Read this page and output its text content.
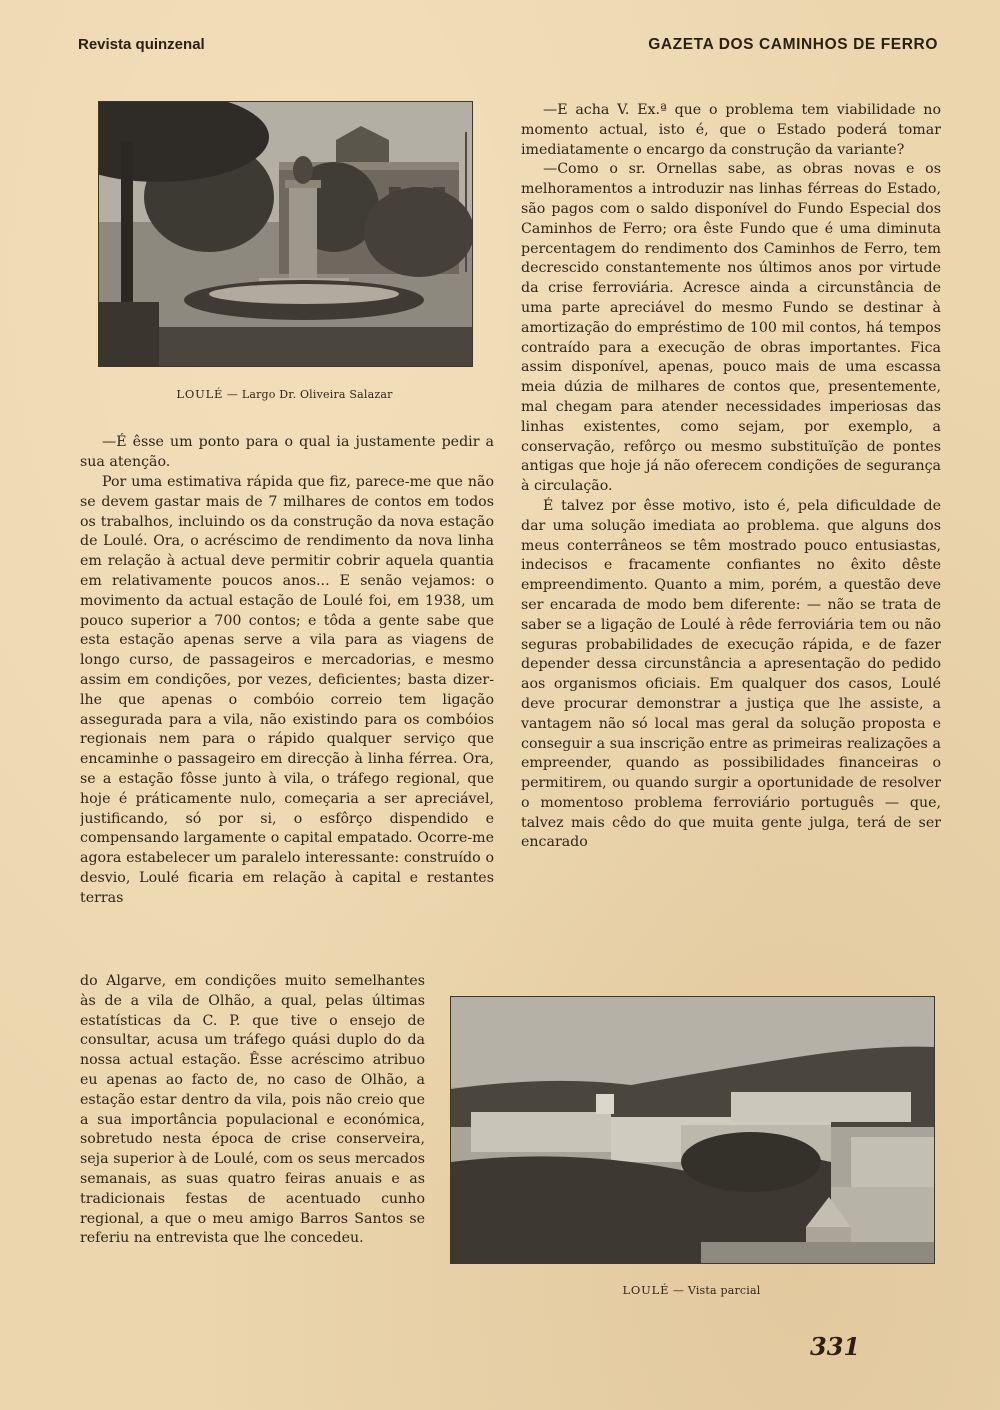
Revista quinzenal	GAZETA DOS CAMINHOS DE FERRO
LOULÉ — Largo Dr. Oliveira Salazar

—É êsse um ponto para o qual ia justamente pedir a sua atenção.

Por uma estimativa rápida que fiz, parece-me que não se devem gastar mais de 7 milhares de contos em todos os trabalhos, incluindo os da construção da nova estação de Loulé. Ora, o acréscimo de rendimento da nova linha em relação à actual deve permitir cobrir aquela quantia em relativamente poucos anos... E senão vejamos: o movimento da actual estação de Loulé foi, em 1938, um pouco superior a 700 contos; e tôda a gente sabe que esta estação apenas serve a vila para as viagens de longo curso, de passageiros e mercadorias, e mesmo assim em condições, por vezes, deficientes; basta dizer-lhe que apenas o combóio correio tem ligação assegurada para a vila, não existindo para os combóios regionais nem para o rápido qualquer serviço que encaminhe o passageiro em direcção à linha férrea. Ora, se a estação fôsse junto à vila, o tráfego regional, que hoje é práticamente nulo, começaria a ser apreciável, justificando, só por si, o esfôrço dispendido e compensando largamente o capital empatado. Ocorre-me agora estabelecer um paralelo interessante: construído o desvio, Loulé ficaria em relação à capital e restantes terras

—E acha V. Ex.ª que o problema tem viabilidade no momento actual, isto é, que o Estado poderá tomar imediatamente o encargo da construção da variante?

—Como o sr. Ornellas sabe, as obras novas e os melhoramentos a introduzir nas linhas férreas do Estado, são pagos com o saldo disponível do Fundo Especial dos Caminhos de Ferro; ora êste Fundo que é uma diminuta percentagem do rendimento dos Caminhos de Ferro, tem decrescido constantemente nos últimos anos por virtude da crise ferroviária. Acresce ainda a circunstância de uma parte apreciável do mesmo Fundo se destinar à amortização do empréstimo de 100 mil contos, há tempos contraído para a execução de obras importantes. Fica assim disponível, apenas, pouco mais de uma escassa meia dúzia de milhares de contos que, presentemente, mal chegam para atender necessidades imperiosas das linhas existentes, como sejam, por exemplo, a conservação, refôrço ou mesmo substituïção de pontes antigas que hoje já não oferecem condições de segurança à circulação.

É talvez por êsse motivo, isto é, pela dificuldade de dar uma solução imediata ao problema. que alguns dos meus conterrâneos se têm mostrado pouco entusiastas, indecisos e fracamente confiantes no êxito dêste empreendimento. Quanto a mim, porém, a questão deve ser encarada de modo bem diferente: — não se trata de saber se a ligação de Loulé à rêde ferroviária tem ou não seguras probabilidades de execução rápida, e de fazer depender dessa circunstância a apresentação do pedido aos organismos oficiais. Em qualquer dos casos, Loulé deve procurar demonstrar a justiça que lhe assiste, a vantagem não só local mas geral da solução proposta e conseguir a sua inscrição entre as primeiras realizações a empreender, quando as possibilidades financeiras o permitirem, ou quando surgir a oportunidade de resolver o momentoso problema ferroviário português — que, talvez mais cêdo do que muita gente julga, terá de ser encarado

LOULÉ — Vista parcial

do Algarve, em condições muito semelhantes às de a vila de Olhão, a qual, pelas últimas estatísticas da C. P. que tive o ensejo de consultar, acusa um tráfego quási duplo do da nossa actual estação. Êsse acréscimo atribuo eu apenas ao facto de, no caso de Olhão, a estação estar dentro da vila, pois não creio que a sua importância populacional e económica, sobretudo nesta época de crise conserveira, seja superior à de Loulé, com os seus mercados semanais, as suas quatro feiras anuais e as tradicionais festas de acentuado cunho regional, a que o meu amigo Barros Santos se referiu na entrevista que lhe concedeu.

331
